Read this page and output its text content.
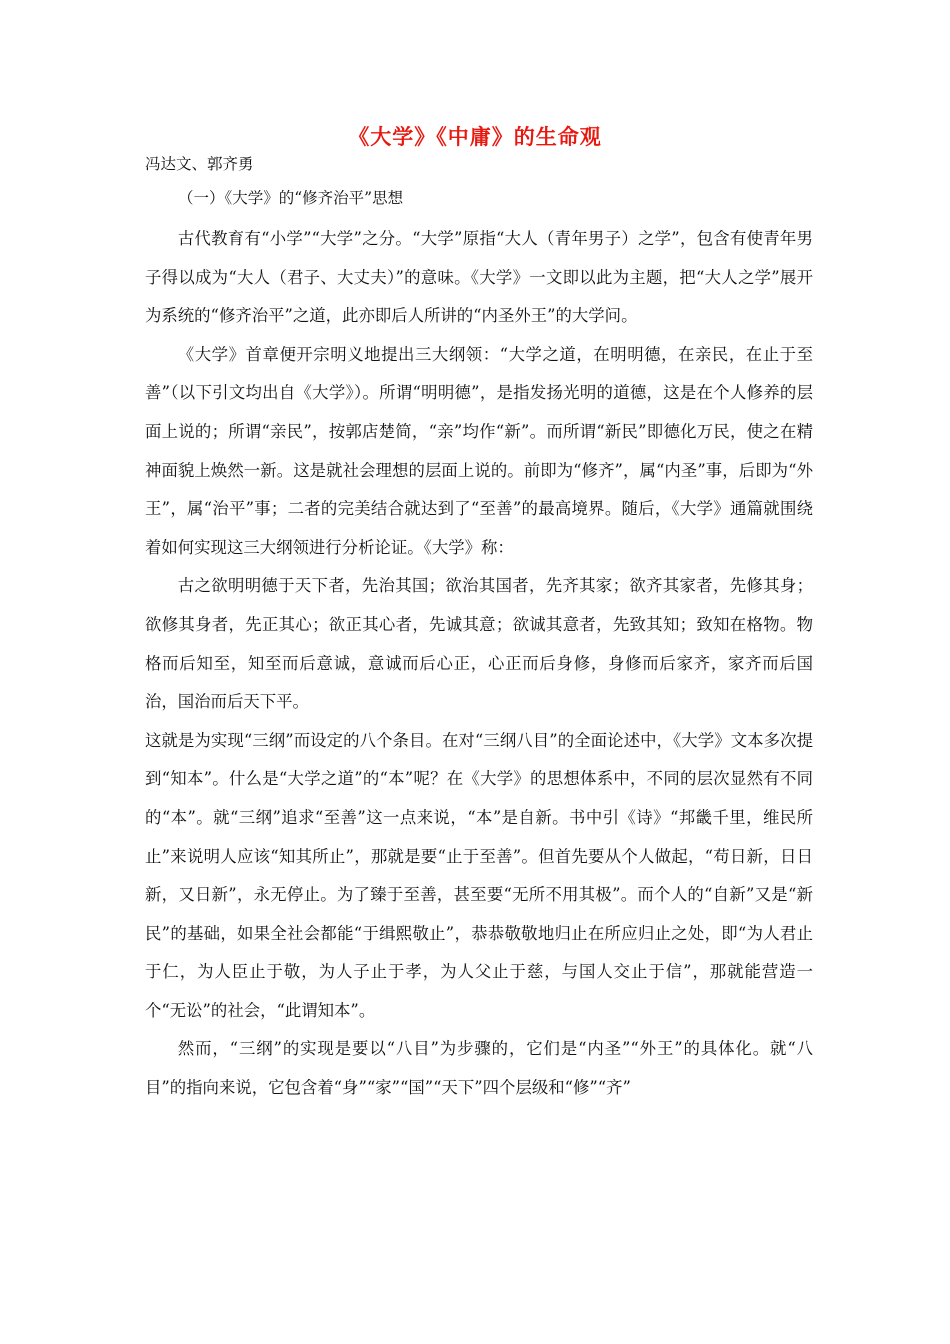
《大学》《中庸》的生命观
冯达文、郭齐勇
（一）《大学》的“修齐治平”思想

古代教育有“小学”“大学”之分。“大学”原指“大人（青年男子）之学”，包含有使青年男子得以成为“大人（君子、大丈夫）”的意味。《大学》一文即以此为主题，把“大人之学”展开为系统的“修齐治平”之道，此亦即后人所讲的“内圣外王”的大学问。

《大学》首章便开宗明义地提出三大纲领：“大学之道，在明明德，在亲民，在止于至善”（以下引文均出自《大学》）。所谓“明明德”，是指发扬光明的道德，这是在个人修养的层面上说的；所谓“亲民”，按郭店楚简，“亲”均作“新”。而所谓“新民”即德化万民，使之在精神面貌上焕然一新。这是就社会理想的层面上说的。前即为“修齐”，属“内圣”事，后即为“外王”，属“治平”事；二者的完美结合就达到了“至善”的最高境界。随后，《大学》通篇就围绕着如何实现这三大纲领进行分析论证。《大学》称：

古之欲明明德于天下者，先治其国；欲治其国者，先齐其家；欲齐其家者，先修其身；欲修其身者，先正其心；欲正其心者，先诚其意；欲诚其意者，先致其知；致知在格物。物格而后知至，知至而后意诚，意诚而后心正，心正而后身修，身修而后家齐，家齐而后国治，国治而后天下平。

这就是为实现“三纲”而设定的八个条目。在对“三纲八目”的全面论述中，《大学》文本多次提到“知本”。什么是“大学之道”的“本”呢？在《大学》的思想体系中，不同的层次显然有不同的“本”。就“三纲”追求“至善”这一点来说，“本”是自新。书中引《诗》“邦畿千里，维民所止”来说明人应该“知其所止”，那就是要“止于至善”。但首先要从个人做起，“苟日新，日日新，又日新”，永无停止。为了臻于至善，甚至要“无所不用其极”。而个人的“自新”又是“新民”的基础，如果全社会都能“于缉熙敬止”，恭恭敬敬地归止在所应归止之处，即“为人君止于仁，为人臣止于敬，为人子止于孝，为人父止于慈，与国人交止于信”，那就能营造一个“无讼”的社会，“此谓知本”。

然而，“三纲”的实现是要以“八目”为步骤的，它们是“内圣”“外王”的具体化。就“八目”的指向来说，它包含着“身”“家”“国”“天下”四个层级和“修”“齐”
